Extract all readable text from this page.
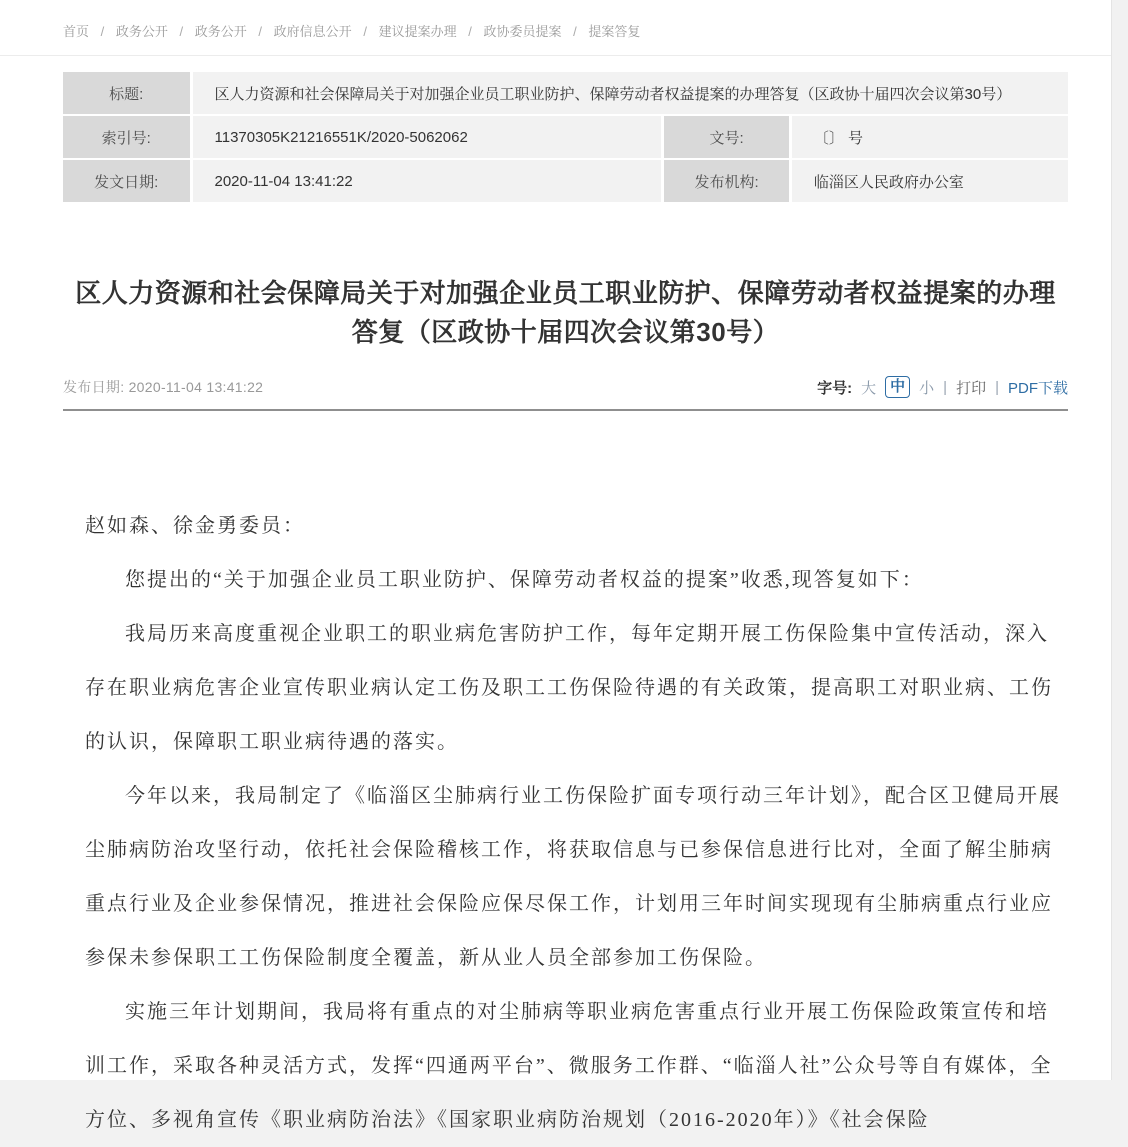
首页 / 政务公开 / 政务公开 / 政府信息公开 / 建议提案办理 / 政协委员提案 / 提案答复
标题:	区人力资源和社会保障局关于对加强企业员工职业防护、保障劳动者权益提案的办理答复（区政协十届四次会议第30号）		
索引号:	11370305K21216551K/2020-5062062	文号:	〔〕 号
发文日期:	2020-11-04 13:41:22	发布机构:	临淄区人民政府办公室
区人力资源和社会保障局关于对加强企业员工职业防护、保障劳动者权益提案的办理答复（区政协十届四次会议第30号）
发布日期: 2020-11-04 13:41:22	字号: 大 中 小 | 打印 | PDF下载

赵如森、徐金勇委员：

您提出的“关于加强企业员工职业防护、保障劳动者权益的提案”收悉,现答复如下：

我局历来高度重视企业职工的职业病危害防护工作，每年定期开展工伤保险集中宣传活动，深入存在职业病危害企业宣传职业病认定工伤及职工工伤保险待遇的有关政策，提高职工对职业病、工伤的认识，保障职工职业病待遇的落实。

今年以来，我局制定了《临淄区尘肺病行业工伤保险扩面专项行动三年计划》，配合区卫健局开展尘肺病防治攻坚行动，依托社会保险稽核工作，将获取信息与已参保信息进行比对，全面了解尘肺病重点行业及企业参保情况，推进社会保险应保尽保工作，计划用三年时间实现现有尘肺病重点行业应参保未参保职工工伤保险制度全覆盖，新从业人员全部参加工伤保险。

实施三年计划期间，我局将有重点的对尘肺病等职业病危害重点行业开展工伤保险政策宣传和培训工作，采取各种灵活方式，发挥“四通两平台”、微服务工作群、“临淄人社”公众号等自有媒体，全方位、多视角宣传《职业病防治法》《国家职业病防治规划（2016-2020年）》《社会保险
